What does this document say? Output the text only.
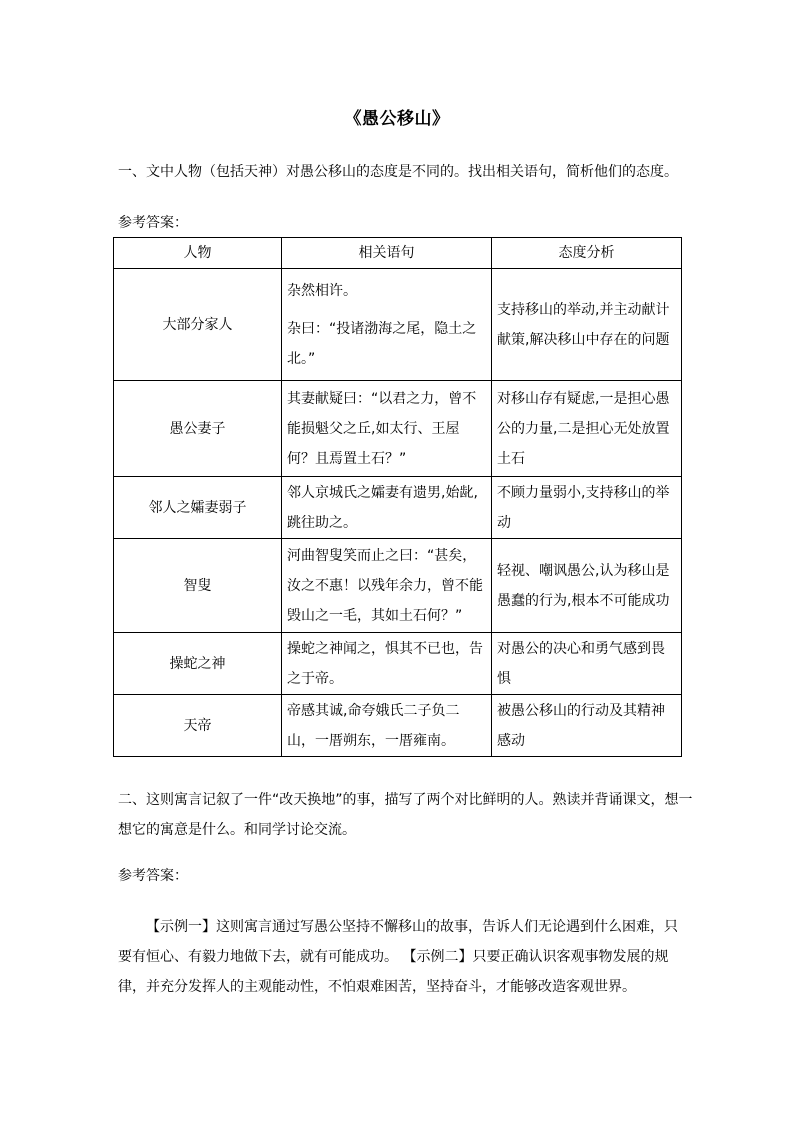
《愚公移山》
一、文中人物（包括天神）对愚公移山的态度是不同的。找出相关语句，简析他们的态度。
参考答案：
人物	相关语句	态度分析
大部分家人	杂然相许。

杂曰：“投诸渤海之尾，隐土之北。”	支持移山的举动,并主动献计献策,解决移山中存在的问题
愚公妻子	其妻献疑曰：“以君之力，曾不能损魁父之丘,如太行、王屋何？且焉置土石？”	对移山存有疑虑,一是担心愚公的力量,二是担心无处放置土石
邻人之孀妻弱子	邻人京城氏之孀妻有遗男,始龀,跳往助之。	不顾力量弱小,支持移山的举动
智叟	河曲智叟笑而止之曰：“甚矣，汝之不惠！以残年余力，曾不能毁山之一毛，其如土石何？”	轻视、嘲讽愚公,认为移山是愚蠢的行为,根本不可能成功
操蛇之神	操蛇之神闻之，惧其不已也，告之于帝。	对愚公的决心和勇气感到畏惧
天帝	帝感其诚,命夸娥氏二子负二山，一厝朔东，一厝雍南。	被愚公移山的行动及其精神感动
二、这则寓言记叙了一件“改天换地”的事，描写了两个对比鲜明的人。熟读并背诵课文，想一想它的寓意是什么。和同学讨论交流。
参考答案：
【示例一】这则寓言通过写愚公坚持不懈移山的故事，告诉人们无论遇到什么困难，只要有恒心、有毅力地做下去，就有可能成功。 【示例二】只要正确认识客观事物发展的规律，并充分发挥人的主观能动性，不怕艰难困苦，坚持奋斗，才能够改造客观世界。
